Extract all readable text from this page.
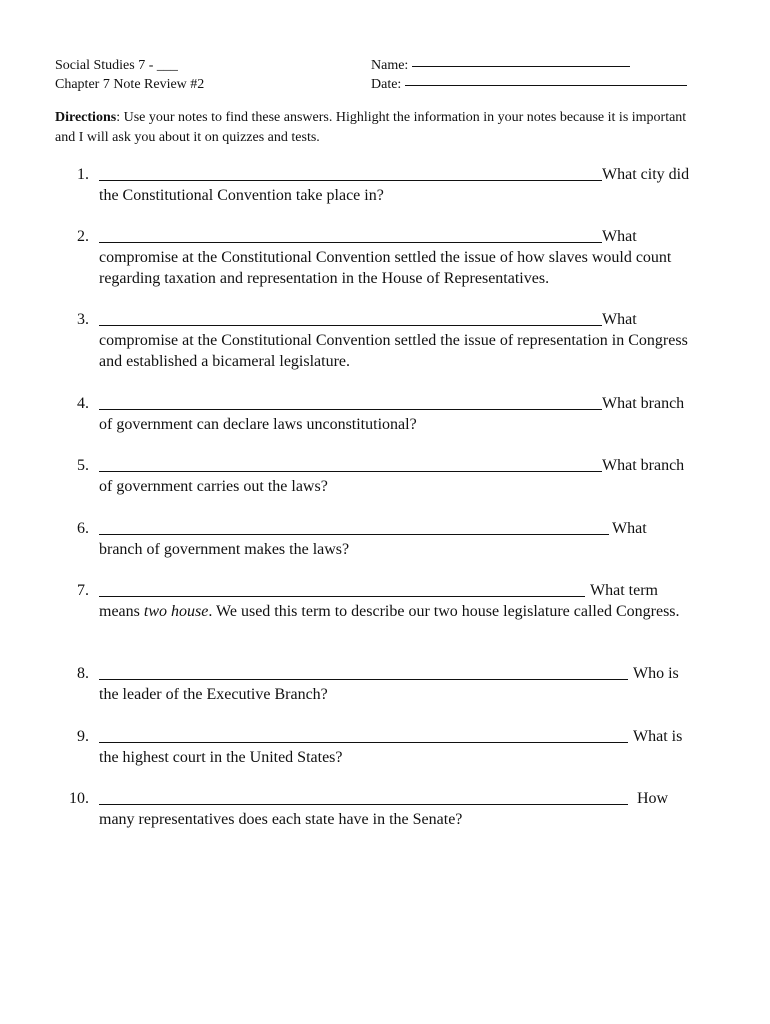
Social Studies 7 - ___
Chapter 7 Note Review #2
Name:
Date:
Directions: Use your notes to find these answers. Highlight the information in your notes because it is important and I will ask you about it on quizzes and tests.
1.	What city did
the Constitutional Convention take place in?
2.	What
compromise at the Constitutional Convention settled the issue of how slaves would count regarding taxation and representation in the House of Representatives.
3.	What
compromise at the Constitutional Convention settled the issue of representation in Congress and established a bicameral legislature.
4.	What branch
of government can declare laws unconstitutional?
5.	What branch
of government carries out the laws?
6.	What
branch of government makes the laws?
7.	What term
means two house. We used this term to describe our two house legislature called Congress.
8.	Who is
the leader of the Executive Branch?
9.	What is
the highest court in the United States?
10.	How
many representatives does each state have in the Senate?
